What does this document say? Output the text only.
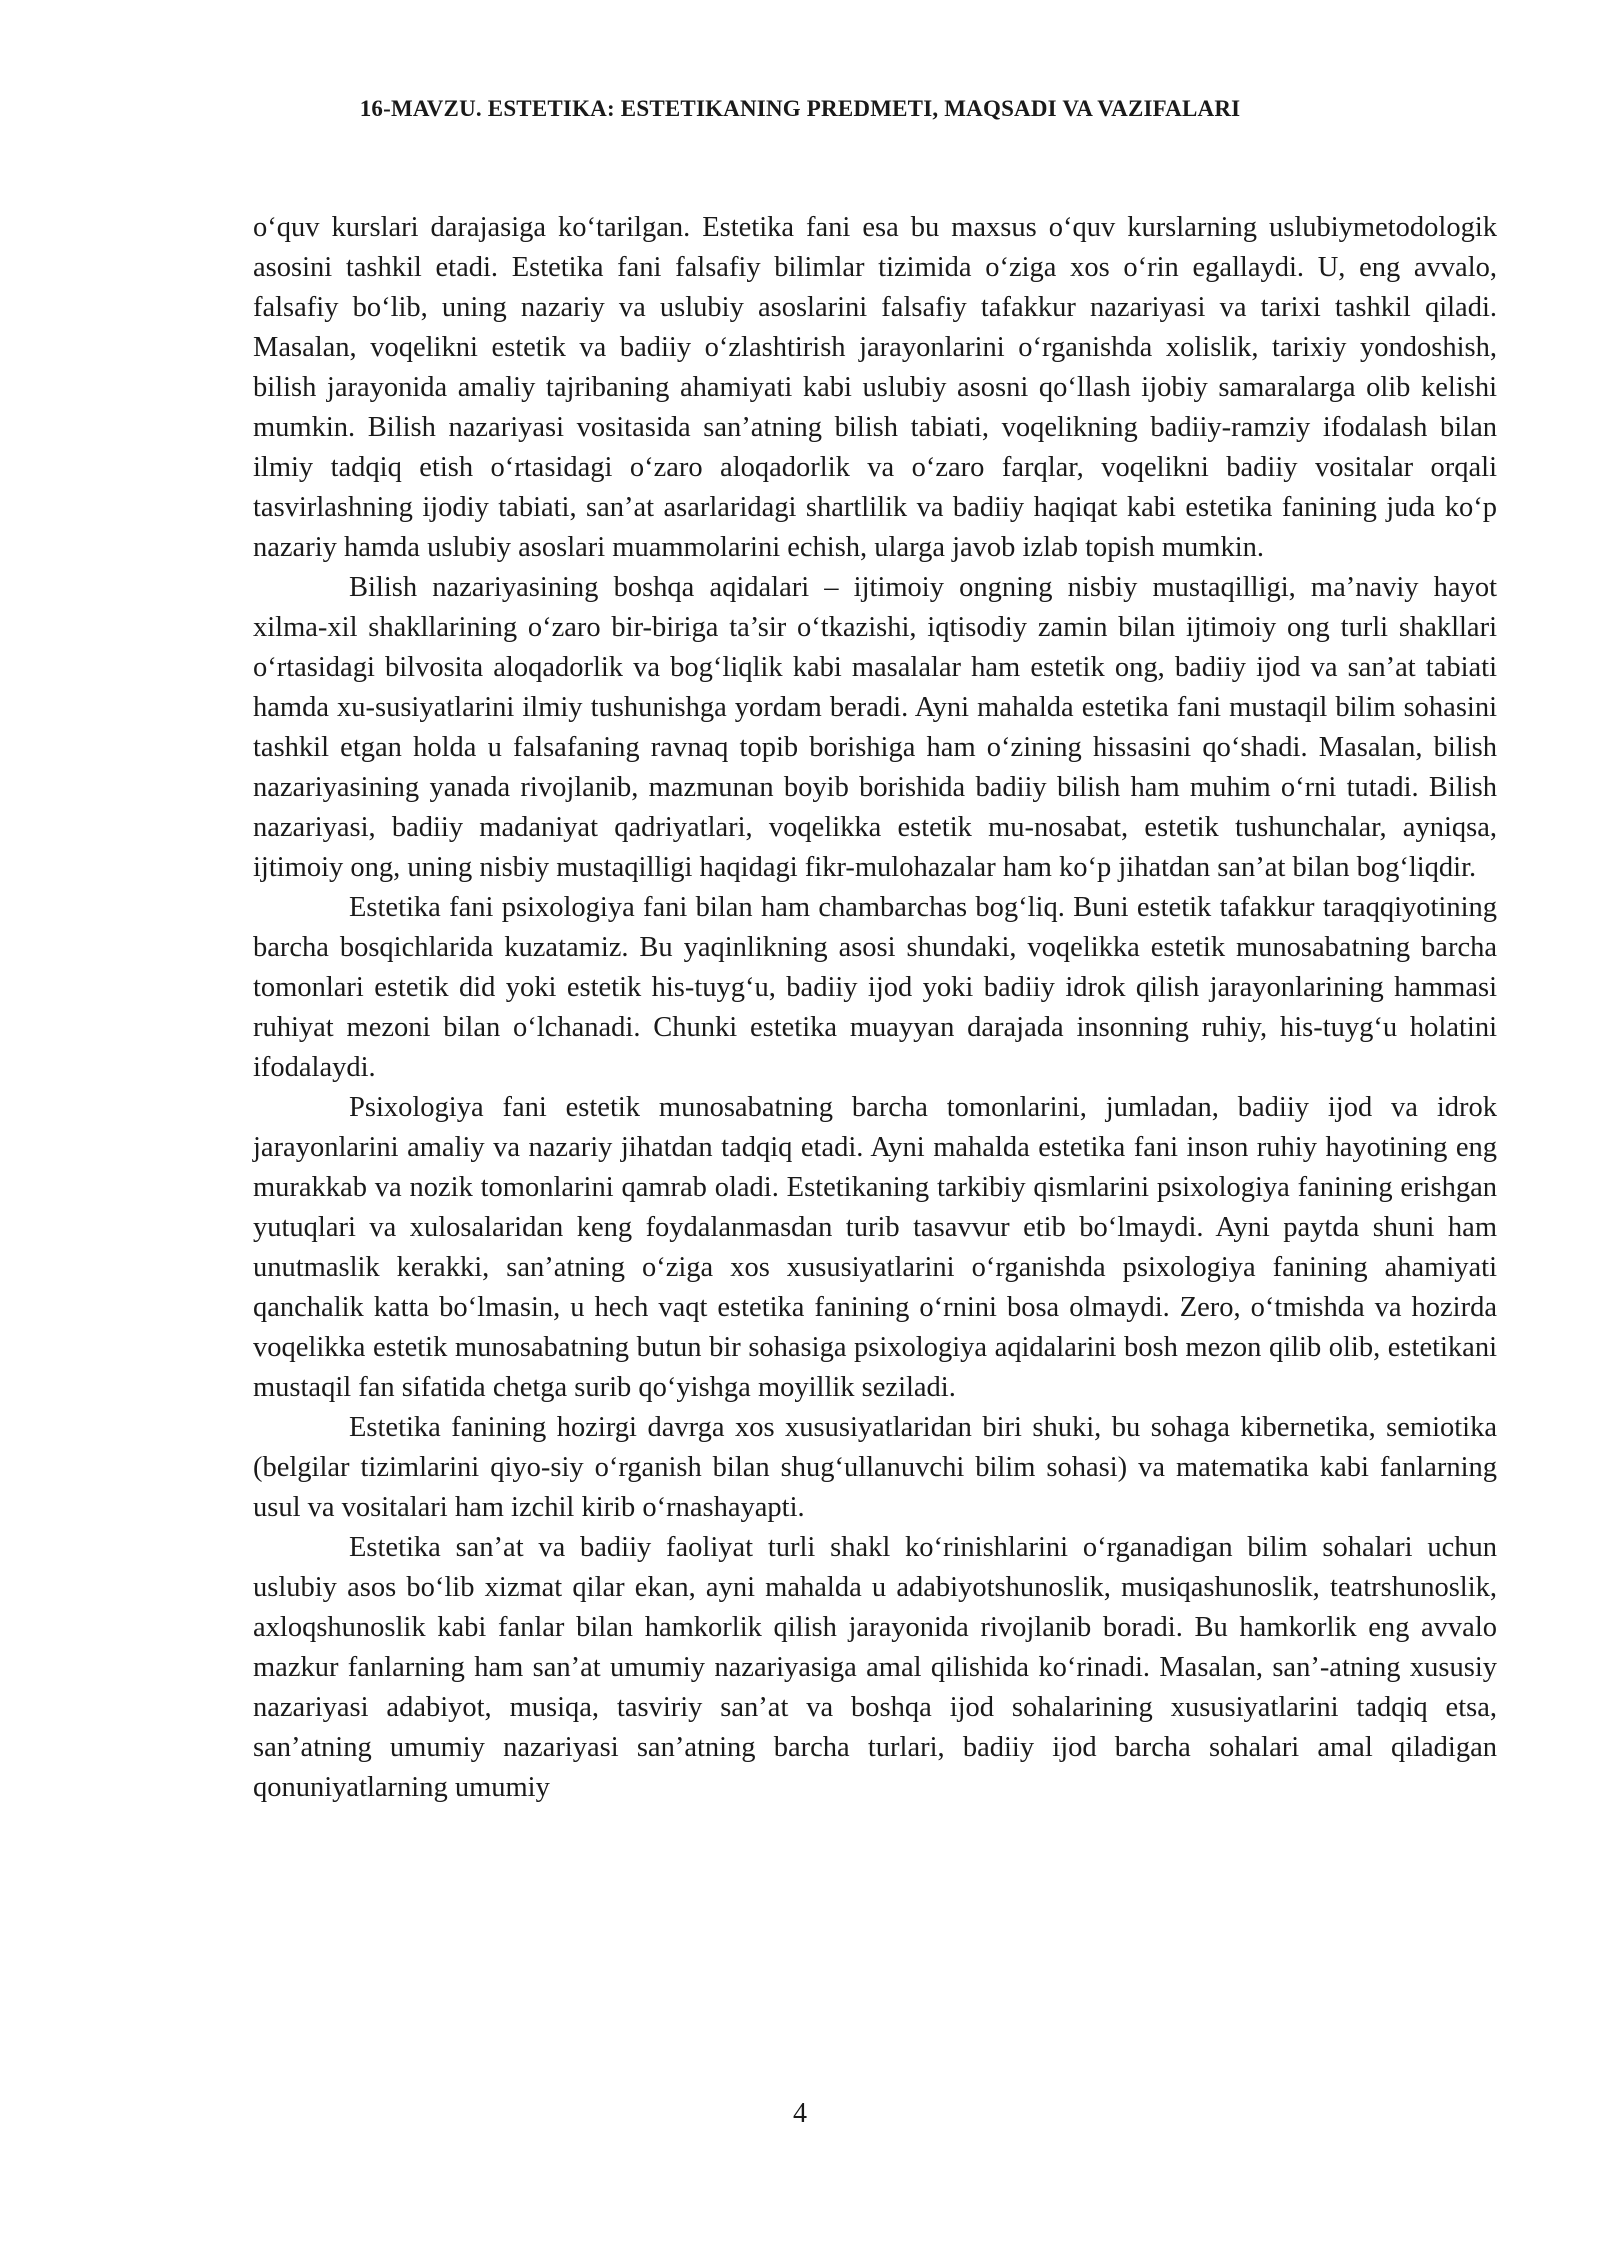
16-MAVZU. ESTETIKA: ESTETIKANING PREDMETI, MAQSADI VA VAZIFALARI

o‘quv kurslari darajasiga ko‘tarilgan. Estetika fani esa bu maxsus o‘quv kurslarning uslubiymetodologik asosini tashkil etadi. Estetika fani falsafiy bilimlar tizimida o‘ziga xos o‘rin egallaydi. U, eng avvalo, falsafiy bo‘lib, uning nazariy va uslubiy asoslarini falsafiy tafakkur nazariyasi va tarixi tashkil qiladi. Masalan, voqelikni estetik va badiiy o‘zlashtirish jarayonlarini o‘rganishda xolislik, tarixiy yondoshish, bilish jarayonida amaliy tajribaning ahamiyati kabi uslubiy asosni qo‘llash ijobiy samaralarga olib kelishi mumkin. Bilish nazariyasi vositasida san’atning bilish tabiati, voqelikning badiiy-ramziy ifodalash bilan ilmiy tadqiq etish o‘rtasidagi o‘zaro aloqadorlik va o‘zaro farqlar, voqelikni badiiy vositalar orqali tasvirlashning ijodiy tabiati, san’at asarlaridagi shartlilik va badiiy haqiqat kabi estetika fanining juda ko‘p nazariy hamda uslubiy asoslari muammolarini echish, ularga javob izlab topish mumkin.

Bilish nazariyasining boshqa aqidalari – ijtimoiy ongning nisbiy mustaqilligi, ma’naviy hayot xilma-xil shakllarining o‘zaro bir-biriga ta’sir o‘tkazishi, iqtisodiy zamin bilan ijtimoiy ong turli shakllari o‘rtasidagi bilvosita aloqadorlik va bog‘liqlik kabi masalalar ham estetik ong, badiiy ijod va san’at tabiati hamda xu-susiyatlarini ilmiy tushunishga yordam beradi. Ayni mahalda estetika fani mustaqil bilim sohasini tashkil etgan holda u falsafaning ravnaq topib borishiga ham o‘zining hissasini qo‘shadi. Masalan, bilish nazariyasining yanada rivojlanib, mazmunan boyib borishida badiiy bilish ham muhim o‘rni tutadi. Bilish nazariyasi, badiiy madaniyat qadriyatlari, voqelikka estetik mu-nosabat, estetik tushunchalar, ayniqsa, ijtimoiy ong, uning nisbiy mustaqilligi haqidagi fikr-mulohazalar ham ko‘p jihatdan san’at bilan bog‘liqdir.

Estetika fani psixologiya fani bilan ham chambarchas bog‘liq. Buni estetik tafakkur taraqqiyotining barcha bosqichlarida kuzatamiz. Bu yaqinlikning asosi shundaki, voqelikka estetik munosabatning barcha tomonlari estetik did yoki estetik his-tuyg‘u, badiiy ijod yoki badiiy idrok qilish jarayonlarining hammasi ruhiyat mezoni bilan o‘lchanadi. Chunki estetika muayyan darajada insonning ruhiy, his-tuyg‘u holatini ifodalaydi.

Psixologiya fani estetik munosabatning barcha tomonlarini, jumladan, badiiy ijod va idrok jarayonlarini amaliy va nazariy jihatdan tadqiq etadi. Ayni mahalda estetika fani inson ruhiy hayotining eng murakkab va nozik tomonlarini qamrab oladi. Estetikaning tarkibiy qismlarini psixologiya fanining erishgan yutuqlari va xulosalaridan keng foydalanmasdan turib tasavvur etib bo‘lmaydi. Ayni paytda shuni ham unutmaslik kerakki, san’atning o‘ziga xos xususiyatlarini o‘rganishda psixologiya fanining ahamiyati qanchalik katta bo‘lmasin, u hech vaqt estetika fanining o‘rnini bosa olmaydi. Zero, o‘tmishda va hozirda voqelikka estetik munosabatning butun bir sohasiga psixologiya aqidalarini bosh mezon qilib olib, estetikani mustaqil fan sifatida chetga surib qo‘yishga moyillik seziladi.

Estetika fanining hozirgi davrga xos xususiyatlaridan biri shuki, bu sohaga kibernetika, semiotika (belgilar tizimlarini qiyo-siy o‘rganish bilan shug‘ullanuvchi bilim sohasi) va matematika kabi fanlarning usul va vositalari ham izchil kirib o‘rnashayapti.

Estetika san’at va badiiy faoliyat turli shakl ko‘rinishlarini o‘rganadigan bilim sohalari uchun uslubiy asos bo‘lib xizmat qilar ekan, ayni mahalda u adabiyotshunoslik, musiqashunoslik, teatrshunoslik, axloqshunoslik kabi fanlar bilan hamkorlik qilish jarayonida rivojlanib boradi. Bu hamkorlik eng avvalo mazkur fanlarning ham san’at umumiy nazariyasiga amal qilishida ko‘rinadi. Masalan, san’-atning xususiy nazariyasi adabiyot, musiqa, tasviriy san’at va boshqa ijod sohalarining xususiyatlarini tadqiq etsa, san’atning umumiy nazariyasi san’atning barcha turlari, badiiy ijod barcha sohalari amal qiladigan qonuniyatlarning umumiy

4
